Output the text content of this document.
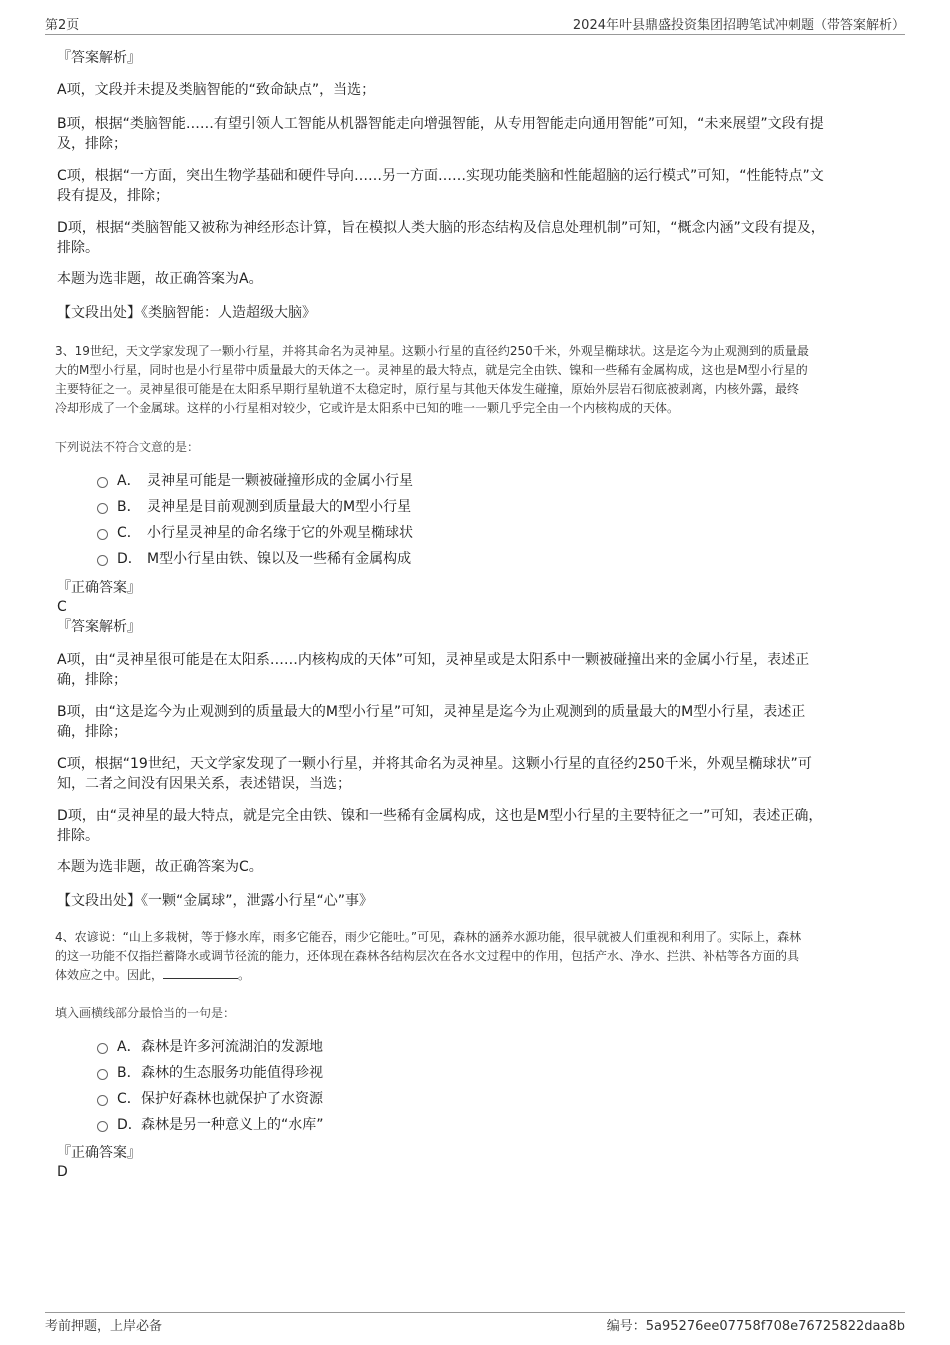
第2页	2024年叶县鼎盛投资集团招聘笔试冲刺题（带答案解析）

『答案解析』

A项，文段并未提及类脑智能的“致命缺点”，当选；

B项，根据“类脑智能……有望引领人工智能从机器智能走向增强智能，从专用智能走向通用智能”可知，“未来展望”文段有提

及，排除；

C项，根据“一方面，突出生物学基础和硬件导向……另一方面……实现功能类脑和性能超脑的运行模式”可知，“性能特点”文

段有提及，排除；

D项，根据“类脑智能又被称为神经形态计算，旨在模拟人类大脑的形态结构及信息处理机制”可知，“概念内涵”文段有提及，

排除。

本题为选非题，故正确答案为A。

【文段出处】《类脑智能：人造超级大脑》

3、19世纪，天文学家发现了一颗小行星，并将其命名为灵神星。这颗小行星的直径约250千米，外观呈椭球状。这是迄今为止观测到的质量最
大的M型小行星，同时也是小行星带中质量最大的天体之一。灵神星的最大特点，就是完全由铁、镍和一些稀有金属构成，这也是M型小行星的
主要特征之一。灵神星很可能是在太阳系早期行星轨道不太稳定时，原行星与其他天体发生碰撞，原始外层岩石彻底被剥离，内核外露，最终
冷却形成了一个金属球。这样的小行星相对较少，它或许是太阳系中已知的唯一一颗几乎完全由一个内核构成的天体。
下列说法不符合文意的是：
A． 灵神星可能是一颗被碰撞形成的金属小行星
B． 灵神星是目前观测到质量最大的M型小行星
C． 小行星灵神星的命名缘于它的外观呈椭球状
D． M型小行星由铁、镍以及一些稀有金属构成

『正确答案』

C

『答案解析』

A项，由“灵神星很可能是在太阳系……内核构成的天体”可知，灵神星或是太阳系中一颗被碰撞出来的金属小行星，表述正

确，排除；

B项，由“这是迄今为止观测到的质量最大的M型小行星”可知，灵神星是迄今为止观测到的质量最大的M型小行星，表述正

确，排除；

C项，根据“19世纪，天文学家发现了一颗小行星，并将其命名为灵神星。这颗小行星的直径约250千米，外观呈椭球状”可

知，二者之间没有因果关系，表述错误，当选；

D项，由“灵神星的最大特点，就是完全由铁、镍和一些稀有金属构成，这也是M型小行星的主要特征之一”可知，表述正确，

排除。

本题为选非题，故正确答案为C。

【文段出处】《一颗“金属球”，泄露小行星“心”事》

4、农谚说：“山上多栽树，等于修水库，雨多它能吞，雨少它能吐。”可见，森林的涵养水源功能，很早就被人们重视和利用了。实际上，森林
的这一功能不仅指拦蓄降水或调节径流的能力，还体现在森林各结构层次在各水文过程中的作用，包括产水、净水、拦洪、补枯等各方面的具
体效应之中。因此，	。
填入画横线部分最恰当的一句是：
A．森林是许多河流湖泊的发源地
B．森林的生态服务功能值得珍视
C．保护好森林也就保护了水资源
D．森林是另一种意义上的“水库”

『正确答案』

D

考前押题，上岸必备	编号：5a95276ee07758f708e76725822daa8b
